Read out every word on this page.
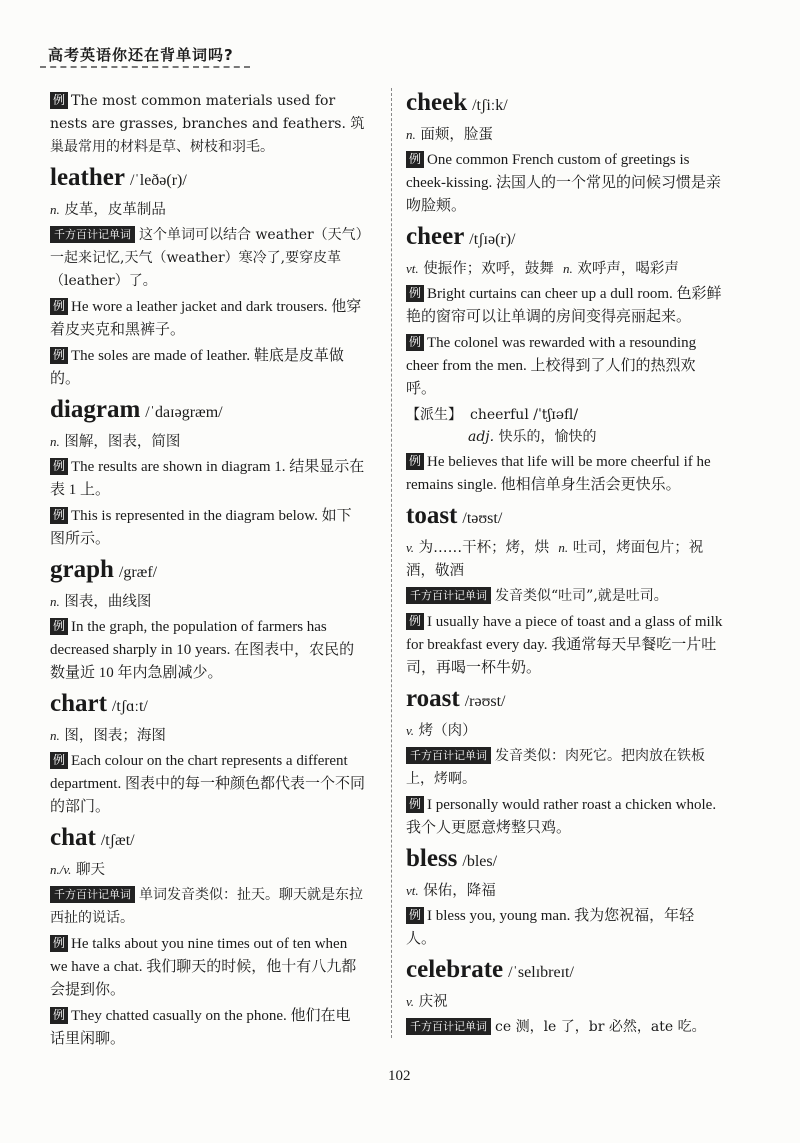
高考英语你还在背单词吗?
例 The most common materials used for nests are grasses, branches and feathers. 筑巢最常用的材料是草、树枝和羽毛。
leather /ˈleðə(r)/
n. 皮革，皮革制品
千方百计记单词 这个单词可以结合 weather（天气）一起来记忆,天气（weather）寒冷了,要穿皮革（leather）了。
例 He wore a leather jacket and dark trousers. 他穿着皮夹克和黑裤子。
例 The soles are made of leather. 鞋底是皮革做的。
diagram /ˈdaɪəgræm/
n. 图解，图表，简图
例 The results are shown in diagram 1. 结果显示在表 1 上。
例 This is represented in the diagram below. 如下图所示。
graph /græf/
n. 图表，曲线图
例 In the graph, the population of farmers has decreased sharply in 10 years. 在图表中，农民的数量近 10 年内急剧减少。
chart /tʃɑːt/
n. 图，图表；海图
例 Each colour on the chart represents a different department. 图表中的每一种颜色都代表一个不同的部门。
chat /tʃæt/
n./v. 聊天
千方百计记单词 单词发音类似：扯天。聊天就是东拉西扯的说话。
例 He talks about you nine times out of ten when we have a chat. 我们聊天的时候，他十有八九都会提到你。
例 They chatted casually on the phone. 他们在电话里闲聊。
cheek /tʃiːk/
n. 面颊，脸蛋
例 One common French custom of greetings is cheek-kissing. 法国人的一个常见的问候习惯是亲吻脸颊。
cheer /tʃɪə(r)/
vt. 使振作；欢呼，鼓舞 n. 欢呼声，喝彩声
例 Bright curtains can cheer up a dull room. 色彩鲜艳的窗帘可以让单调的房间变得亮丽起来。
例 The colonel was rewarded with a resounding cheer from the men. 上校得到了人们的热烈欢呼。
【派生】 cheerful /ˈtʃɪəfl/
adj. 快乐的，愉快的
例 He believes that life will be more cheerful if he remains single. 他相信单身生活会更快乐。
toast /təʊst/
v. 为……干杯；烤，烘 n. 吐司，烤面包片；祝酒，敬酒
千方百计记单词 发音类似“吐司”,就是吐司。
例 I usually have a piece of toast and a glass of milk for breakfast every day. 我通常每天早餐吃一片吐司，再喝一杯牛奶。
roast /rəʊst/
v. 烤（肉）
千方百计记单词 发音类似：肉死它。把肉放在铁板上，烤啊。
例 I personally would rather roast a chicken whole. 我个人更愿意烤整只鸡。
bless /bles/
vt. 保佑，降福
例 I bless you, young man. 我为您祝福，年轻人。
celebrate /ˈselɪbreɪt/
v. 庆祝
千方百计记单词 ce 测，le 了，br 必然，ate 吃。
102
